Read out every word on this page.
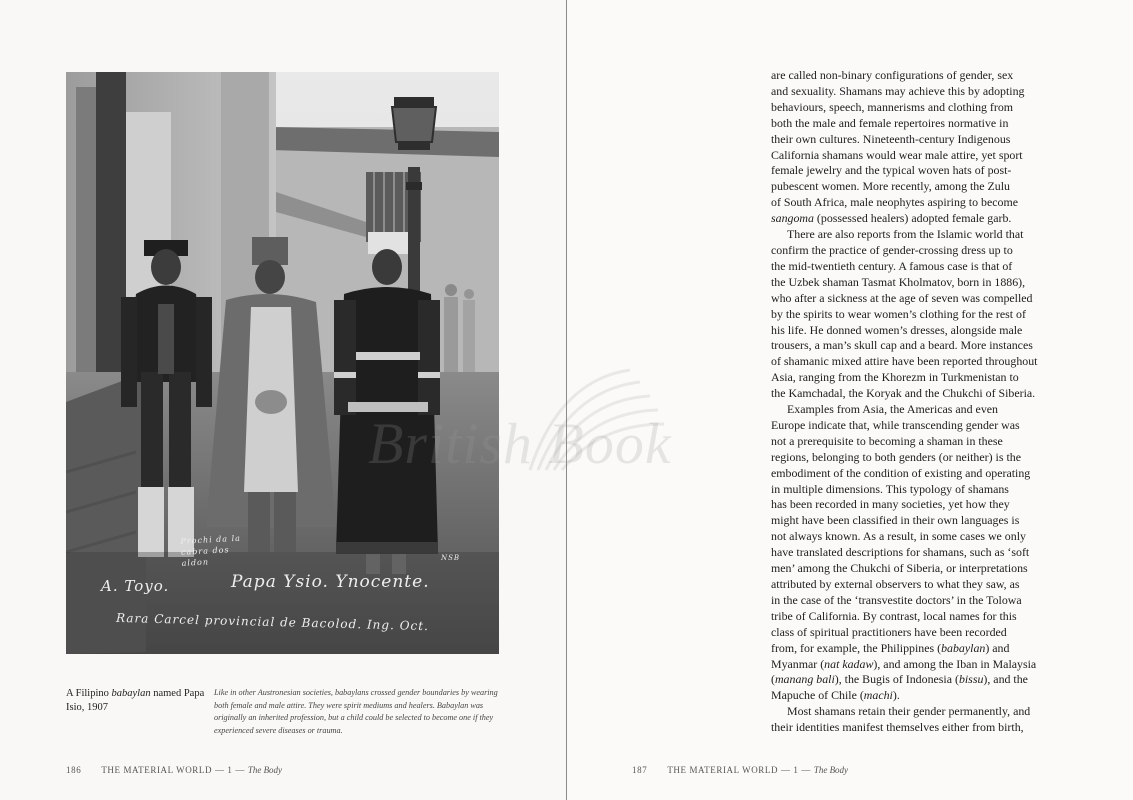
Papa Ysio. Ynocente.
A. Toyo.
Rara Carcel provincial de Bacolod. Ing. Oct.
Prochi da la cabra dos aldon	NSB
A Filipino babaylan named Papa Isio, 1907
Like in other Austronesian societies, babaylans crossed gender boundaries by wearing both female and male attire. They were spirit mediums and healers. Babaylan was originally an inherited profession, but a child could be selected to become one if they experienced severe diseases or trauma.
186 THE MATERIAL WORLD — 1 — The Body
are called non-binary configurations of gender, sex
and sexuality. Shamans may achieve this by adopting
behaviours, speech, mannerisms and clothing from
both the male and female repertoires normative in
their own cultures. Nineteenth-century Indigenous
California shamans would wear male attire, yet sport
female jewelry and the typical woven hats of post-
pubescent women. More recently, among the Zulu
of South Africa, male neophytes aspiring to become
sangoma (possessed healers) adopted female garb.
There are also reports from the Islamic world that
confirm the practice of gender-crossing dress up to
the mid-twentieth century. A famous case is that of
the Uzbek shaman Tasmat Kholmatov, born in 1886),
who after a sickness at the age of seven was compelled
by the spirits to wear women’s clothing for the rest of
his life. He donned women’s dresses, alongside male
trousers, a man’s skull cap and a beard. More instances
of shamanic mixed attire have been reported throughout
Asia, ranging from the Khorezm in Turkmenistan to
the Kamchadal, the Koryak and the Chukchi of Siberia.
Examples from Asia, the Americas and even
Europe indicate that, while transcending gender was
not a prerequisite to becoming a shaman in these
regions, belonging to both genders (or neither) is the
embodiment of the condition of existing and operating
in multiple dimensions. This typology of shamans
has been recorded in many societies, yet how they
might have been classified in their own languages is
not always known. As a result, in some cases we only
have translated descriptions for shamans, such as ‘soft
men’ among the Chukchi of Siberia, or interpretations
attributed by external observers to what they saw, as
in the case of the ‘transvestite doctors’ in the Tolowa
tribe of California. By contrast, local names for this
class of spiritual practitioners have been recorded
from, for example, the Philippines (babaylan) and
Myanmar (nat kadaw), and among the Iban in Malaysia
(manang bali), the Bugis of Indonesia (bissu), and the
Mapuche of Chile (machi).
Most shamans retain their gender permanently, and
their identities manifest themselves either from birth,
187 THE MATERIAL WORLD — 1 — The Body
British Book
